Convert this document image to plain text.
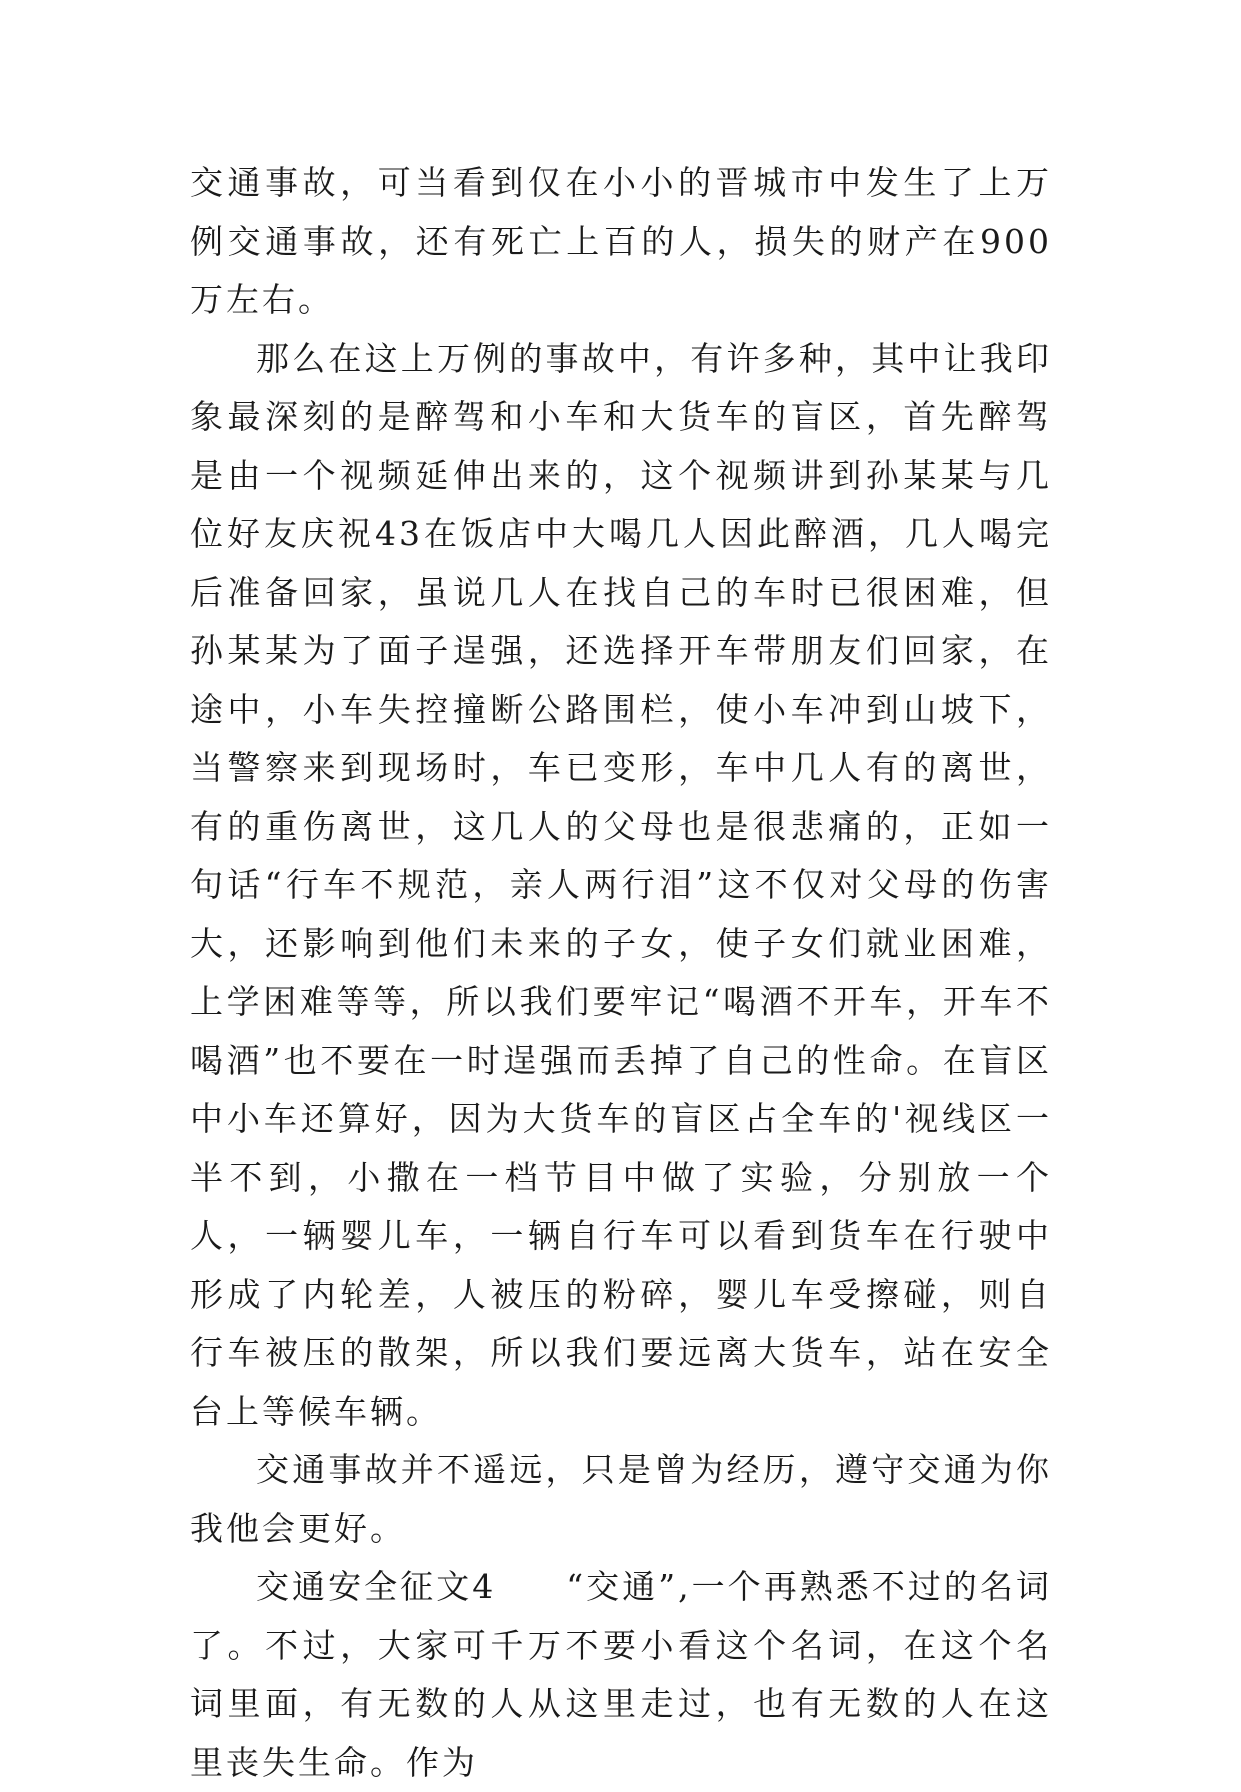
交通事故，可当看到仅在小小的晋城市中发生了上万例交通事故，还有死亡上百的人，损失的财产在900万左右。

那么在这上万例的事故中，有许多种，其中让我印象最深刻的是醉驾和小车和大货车的盲区，首先醉驾是由一个视频延伸出来的，这个视频讲到孙某某与几位好友庆祝43在饭店中大喝几人因此醉酒，几人喝完后准备回家，虽说几人在找自己的车时已很困难，但孙某某为了面子逞强，还选择开车带朋友们回家，在途中，小车失控撞断公路围栏，使小车冲到山坡下，当警察来到现场时，车已变形，车中几人有的离世，有的重伤离世，这几人的父母也是很悲痛的，正如一句话“行车不规范，亲人两行泪”这不仅对父母的伤害大，还影响到他们未来的子女，使子女们就业困难，上学困难等等，所以我们要牢记“喝酒不开车，开车不喝酒”也不要在一时逞强而丢掉了自己的性命。在盲区中小车还算好，因为大货车的盲区占全车的'视线区一半不到，小撒在一档节目中做了实验，分别放一个人，一辆婴儿车，一辆自行车可以看到货车在行驶中形成了内轮差，人被压的粉碎，婴儿车受擦碰，则自行车被压的散架，所以我们要远离大货车，站在安全台上等候车辆。

交通事故并不遥远，只是曾为经历，遵守交通为你我他会更好。

交通安全征文4 “交通”,一个再熟悉不过的名词了。不过，大家可千万不要小看这个名词，在这个名词里面，有无数的人从这里走过，也有无数的人在这里丧失生命。作为
